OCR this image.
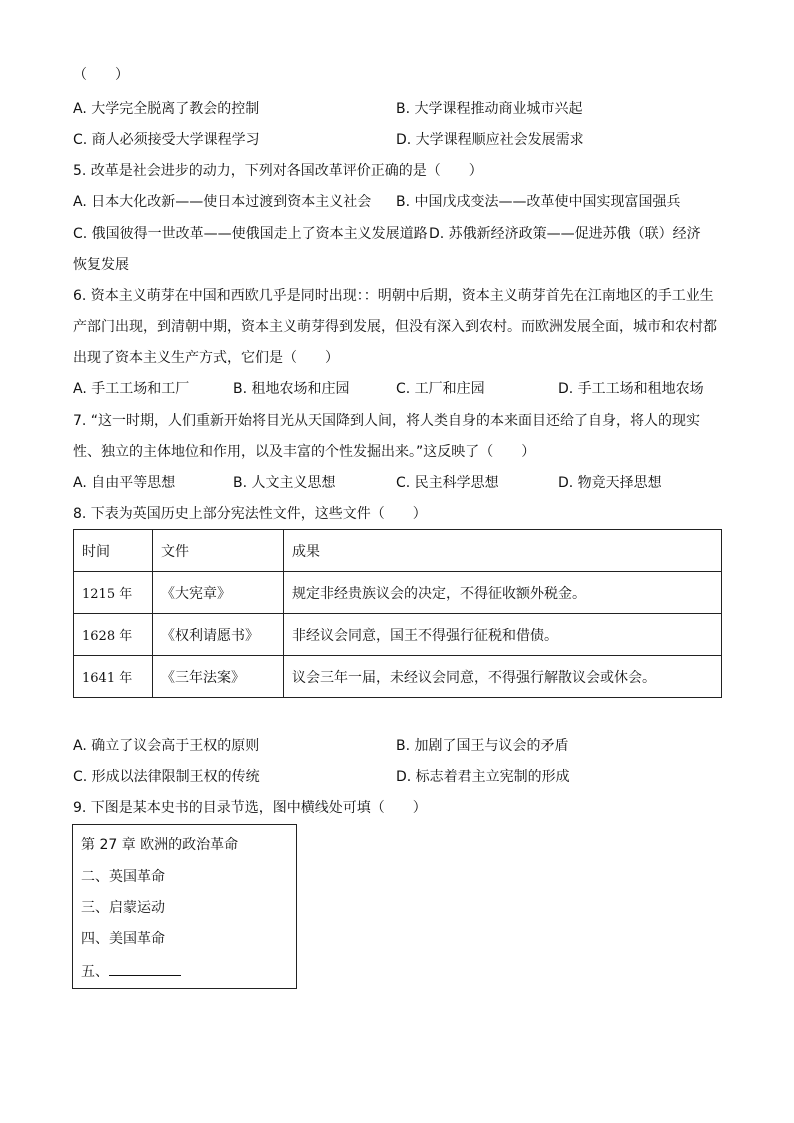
（　　）
A. 大学完全脱离了教会的控制	B. 大学课程推动商业城市兴起
C. 商人必须接受大学课程学习	D. 大学课程顺应社会发展需求
5. 改革是社会进步的动力，下列对各国改革评价正确的是（　　）
A. 日本大化改新——使日本过渡到资本主义社会 B. 中国戊戌变法——改革使中国实现富国强兵
C. 俄国彼得一世改革——使俄国走上了资本主义发展道路 D. 苏俄新经济政策——促进苏俄（联）经济
恢复发展
6. 资本主义萌芽在中国和西欧几乎是同时出现：：明朝中后期，资本主义萌芽首先在江南地区的手工业生
产部门出现，到清朝中期，资本主义萌芽得到发展，但没有深入到农村。而欧洲发展全面，城市和农村都
出现了资本主义生产方式，它们是（　　）
A. 手工工场和工厂	B. 租地农场和庄园	C. 工厂和庄园	D. 手工工场和租地农场
7. “这一时期，人们重新开始将目光从天国降到人间，将人类自身的本来面目还给了自身，将人的现实
性、独立的主体地位和作用，以及丰富的个性发掘出来。”这反映了（　　）
A. 自由平等思想	B. 人文主义思想	C. 民主科学思想	D. 物竞天择思想
8. 下表为英国历史上部分宪法性文件，这些文件（　　）
时间	文件	成果
1215 年	《大宪章》	规定非经贵族议会的决定，不得征收额外税金。
1628 年	《权利请愿书》	非经议会同意，国王不得强行征税和借债。
1641 年	《三年法案》	议会三年一届，未经议会同意，不得强行解散议会或休会。
A. 确立了议会高于王权的原则	B. 加剧了国王与议会的矛盾
C. 形成以法律限制王权的传统	D. 标志着君主立宪制的形成
9. 下图是某本史书的目录节选，图中横线处可填（　　）
第 27 章 欧洲的政治革命
二、英国革命
三、启蒙运动
四、美国革命
五、
